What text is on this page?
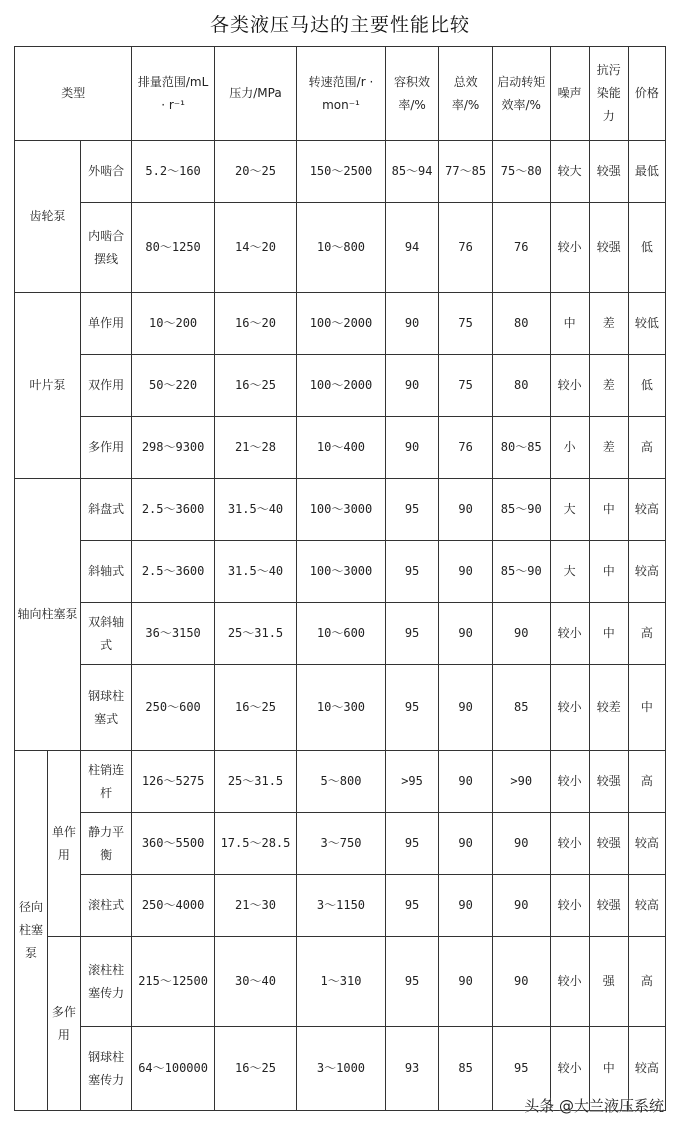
各类液压马达的主要性能比较
类型			排量范围/mL · r⁻¹	压力/MPa	转速范围/r · mon⁻¹	容积效率/%	总效率/%	启动转矩效率/%	噪声	抗污染能力	价格
齿轮泵		外啮合	5.2～160	20～25	150～2500	85～94	77～85	75～80	较大	较强	最低
		内啮合摆线	80～1250	14～20	10～800	94	76	76	较小	较强	低
叶片泵		单作用	10～200	16～20	100～2000	90	75	80	中	差	较低
		双作用	50～220	16～25	100～2000	90	75	80	较小	差	低
		多作用	298～9300	21～28	10～400	90	76	80～85	小	差	高
轴向柱塞泵		斜盘式	2.5～3600	31.5～40	100～3000	95	90	85～90	大	中	较高
		斜轴式	2.5～3600	31.5～40	100～3000	95	90	85～90	大	中	较高
		双斜轴式	36～3150	25～31.5	10～600	95	90	90	较小	中	高
		钢球柱塞式	250～600	16～25	10～300	95	90	85	较小	较差	中
径向柱塞泵	单作用	柱销连杆	126～5275	25～31.5	5～800	>95	90	>90	较小	较强	高
		静力平衡	360～5500	17.5～28.5	3～750	95	90	90	较小	较强	较高
		滚柱式	250～4000	21～30	3～1150	95	90	90	较小	较强	较高
	多作用	滚柱柱塞传力	215～12500	30～40	1～310	95	90	90	较小	强	高
		钢球柱塞传力	64～100000	16～25	3～1000	93	85	95	较小	中	较高
头条 @大兰液压系统
